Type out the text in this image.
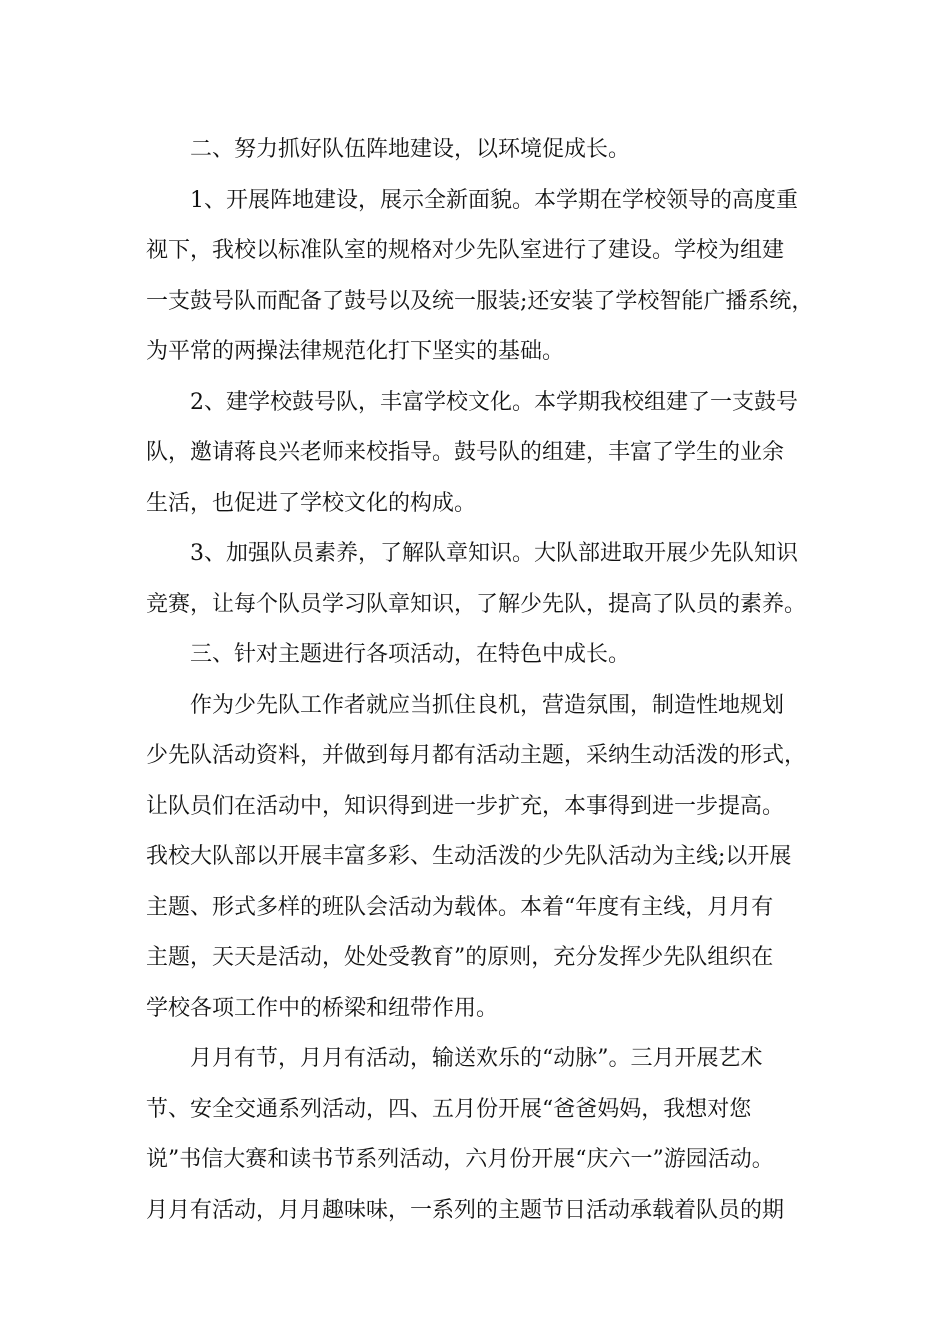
二、努力抓好队伍阵地建设，以环境促成长。
1、开展阵地建设，展示全新面貌。本学期在学校领导的高度重
视下，我校以标准队室的规格对少先队室进行了建设。学校为组建
一支鼓号队而配备了鼓号以及统一服装;还安装了学校智能广播系统，
为平常的两操法律规范化打下坚实的基础。
2、建学校鼓号队，丰富学校文化。本学期我校组建了一支鼓号
队，邀请蒋良兴老师来校指导。鼓号队的组建，丰富了学生的业余
生活，也促进了学校文化的构成。
3、加强队员素养，了解队章知识。大队部进取开展少先队知识
竞赛，让每个队员学习队章知识，了解少先队，提高了队员的素养。
三、针对主题进行各项活动，在特色中成长。
作为少先队工作者就应当抓住良机，营造氛围，制造性地规划
少先队活动资料，并做到每月都有活动主题，采纳生动活泼的形式，
让队员们在活动中，知识得到进一步扩充，本事得到进一步提高。
我校大队部以开展丰富多彩、生动活泼的少先队活动为主线;以开展
主题、形式多样的班队会活动为载体。本着“年度有主线，月月有
主题，天天是活动，处处受教育”的原则，充分发挥少先队组织在
学校各项工作中的桥梁和纽带作用。
月月有节，月月有活动，输送欢乐的“动脉”。三月开展艺术
节、安全交通系列活动，四、五月份开展“爸爸妈妈，我想对您
说”书信大赛和读书节系列活动，六月份开展“庆六一”游园活动。
月月有活动，月月趣味味，一系列的主题节日活动承载着队员的期
